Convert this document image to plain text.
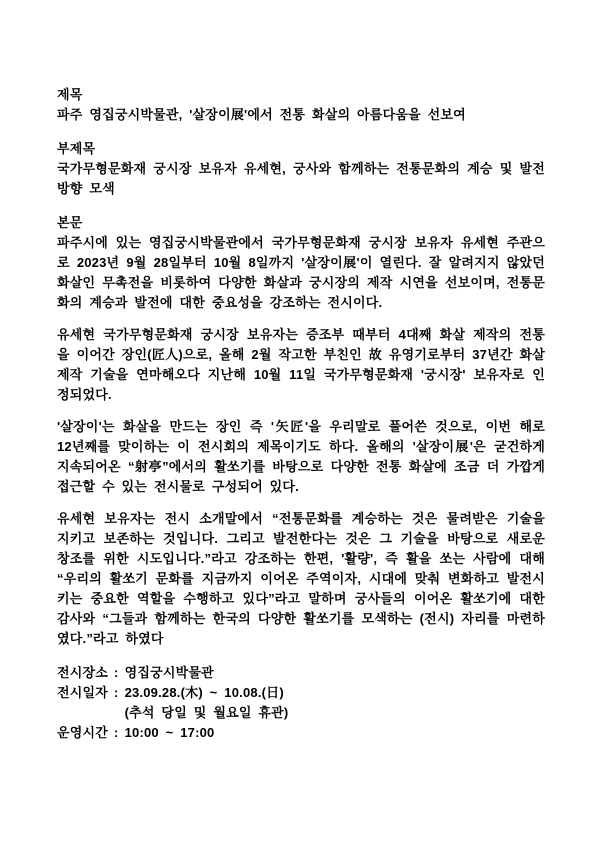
제목
파주 영집궁시박물관, '살장이展'에서 전통 화살의 아름다움을 선보여
부제목
국가무형문화재 궁시장 보유자 유세현, 궁사와 함께하는 전통문화의 계승 및 발전 방향 모색
본문

파주시에 있는 영집궁시박물관에서 국가무형문화재 궁시장 보유자 유세현 주관으로 2023년 9월 28일부터 10월 8일까지 '살장이展'이 열린다. 잘 알려지지 않았던 화살인 무촉전을 비롯하여 다양한 화살과 궁시장의 제작 시연을 선보이며, 전통문화의 계승과 발전에 대한 중요성을 강조하는 전시이다.

유세현 국가무형문화재 궁시장 보유자는 증조부 때부터 4대째 화살 제작의 전통을 이어간 장인(匠人)으로, 올해 2월 작고한 부친인 故 유영기로부터 37년간 화살 제작 기술을 연마해오다 지난해 10월 11일 국가무형문화재 '궁시장' 보유자로 인정되었다.

'살장이'는 화살을 만드는 장인 즉 '矢匠'을 우리말로 풀어쓴 것으로, 이번 해로 12년째를 맞이하는 이 전시회의 제목이기도 하다. 올해의 '살장이展'은 굳건하게 지속되어온 “射亭”에서의 활쏘기를 바탕으로 다양한 전통 화살에 조금 더 가깝게 접근할 수 있는 전시물로 구성되어 있다.

유세현 보유자는 전시 소개말에서 “전통문화를 계승하는 것은 물려받은 기술을 지키고 보존하는 것입니다. 그리고 발전한다는 것은 그 기술을 바탕으로 새로운 창조를 위한 시도입니다.”라고 강조하는 한편, '활량', 즉 활을 쏘는 사람에 대해 “우리의 활쏘기 문화를 지금까지 이어온 주역이자, 시대에 맞춰 변화하고 발전시키는 중요한 역할을 수행하고 있다”라고 말하며 궁사들의 이어온 활쏘기에 대한 감사와 “그들과 함께하는 한국의 다양한 활쏘기를 모색하는 (전시) 자리를 마련하였다.”라고 하였다

전시장소 : 영집궁시박물관
전시일자 : 23.09.28.(木) ~ 10.08.(日)
(추석 당일 및 월요일 휴관)
운영시간 : 10:00 ~ 17:00
